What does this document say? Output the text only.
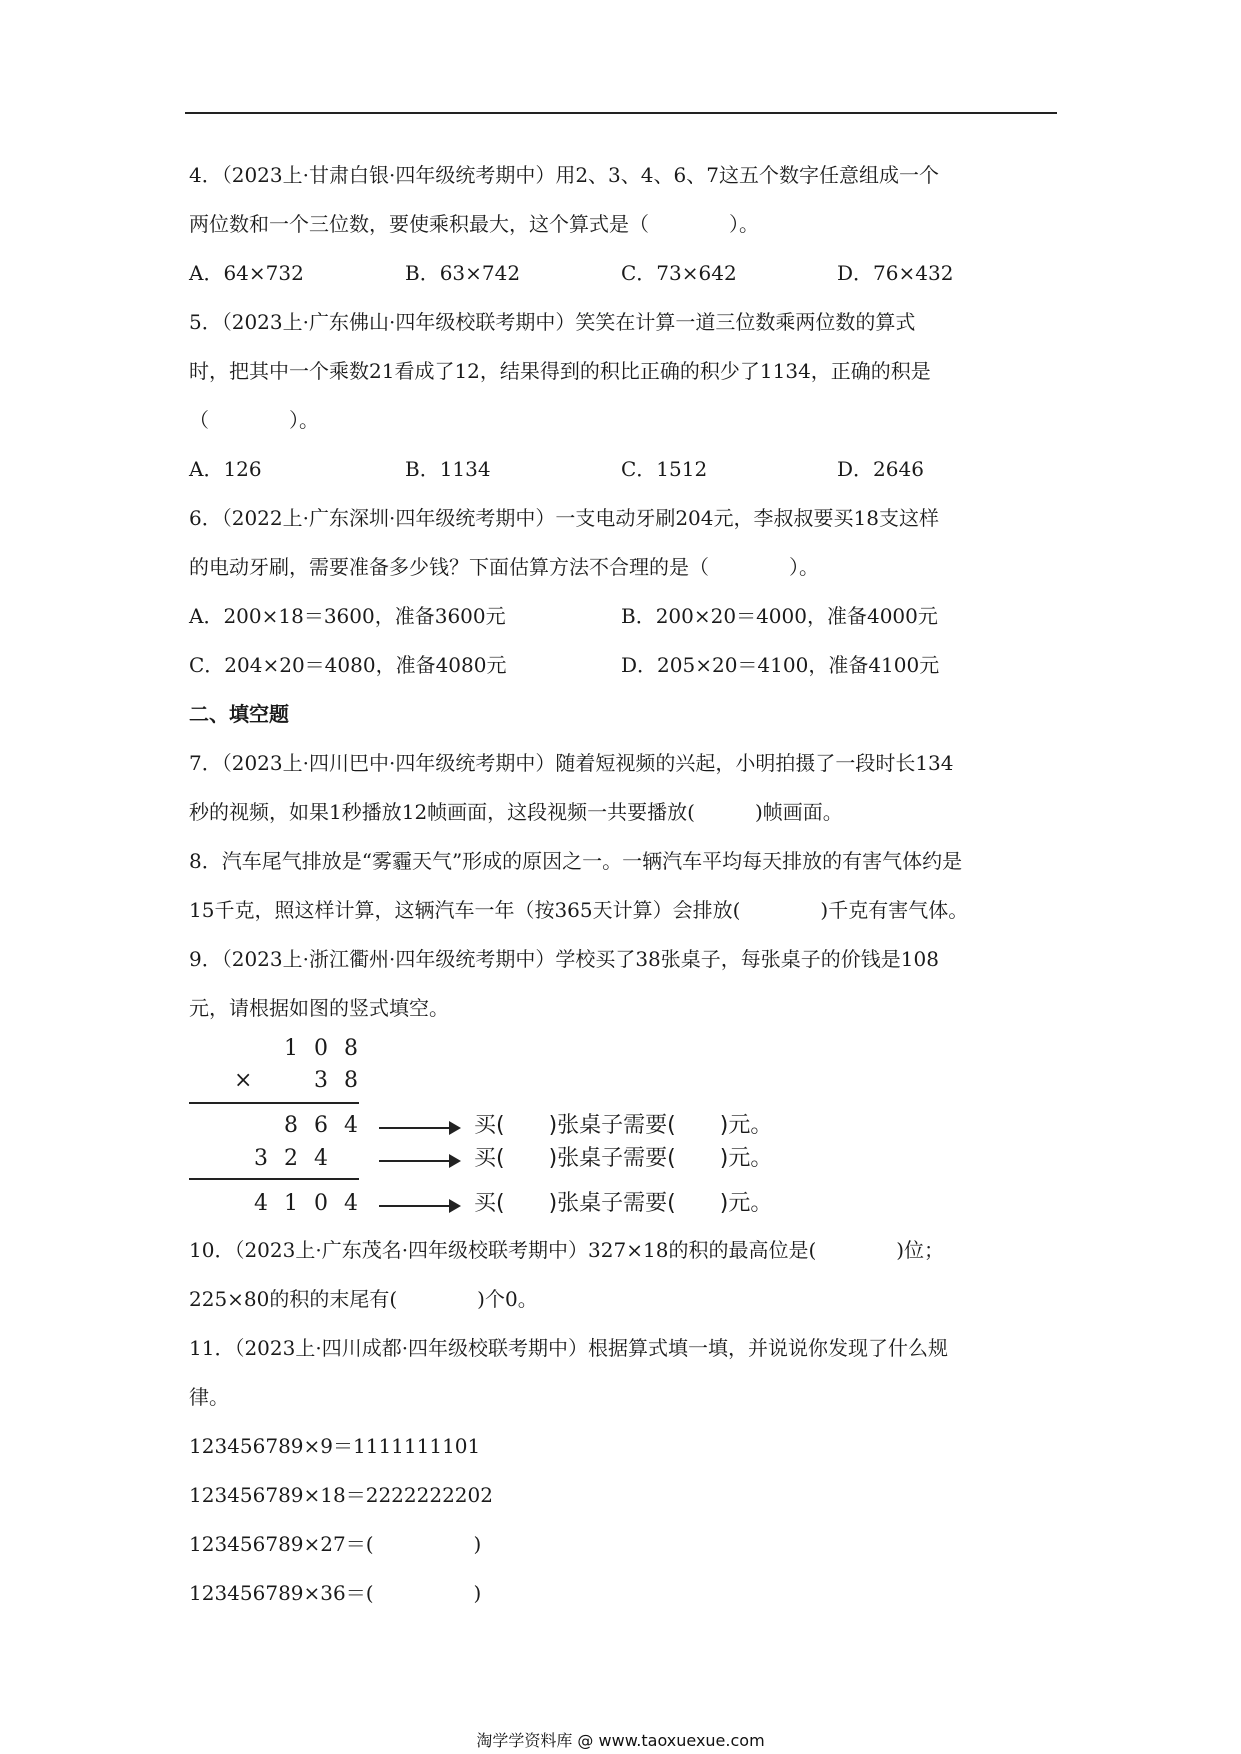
4．（2023上·甘肃白银·四年级统考期中）用2、3、4、6、7这五个数字任意组成一个
两位数和一个三位数，要使乘积最大，这个算式是（　　　　）。
A．64×732	B．63×742	C．73×642	D．76×432
5．（2023上·广东佛山·四年级校联考期中）笑笑在计算一道三位数乘两位数的算式
时，把其中一个乘数21看成了12，结果得到的积比正确的积少了1134，正确的积是
（　　　　）。
A．126	B．1134	C．1512	D．2646
6．（2022上·广东深圳·四年级统考期中）一支电动牙刷204元，李叔叔要买18支这样
的电动牙刷，需要准备多少钱？下面估算方法不合理的是（　　　　）。
A．200×18＝3600，准备3600元	B．200×20＝4000，准备4000元
C．204×20＝4080，准备4080元	D．205×20＝4100，准备4100元
二、填空题
7．（2023上·四川巴中·四年级统考期中）随着短视频的兴起，小明拍摄了一段时长134
秒的视频，如果1秒播放12帧画面，这段视频一共要播放(　　　)帧画面。
8．汽车尾气排放是“雾霾天气”形成的原因之一。一辆汽车平均每天排放的有害气体约是
15千克，照这样计算，这辆汽车一年（按365天计算）会排放(　　　　)千克有害气体。
9．（2023上·浙江衢州·四年级统考期中）学校买了38张桌子，每张桌子的价钱是108
元，请根据如图的竖式填空。
1 0 8
×	3 8
8 6 4	买(　　)张桌子需要(　　)元。
3 2 4	买(　　)张桌子需要(　　)元。
4 1 0 4	买(　　)张桌子需要(　　)元。
10．（2023上·广东茂名·四年级校联考期中）327×18的积的最高位是(　　　　)位；
225×80的积的末尾有(　　　　)个0。
11．（2023上·四川成都·四年级校联考期中）根据算式填一填，并说说你发现了什么规
律。
123456789×9＝1111111101
123456789×18＝2222222202
123456789×27＝(　　　　　)
123456789×36＝(　　　　　)
淘学学资料库 @ www.taoxuexue.com
